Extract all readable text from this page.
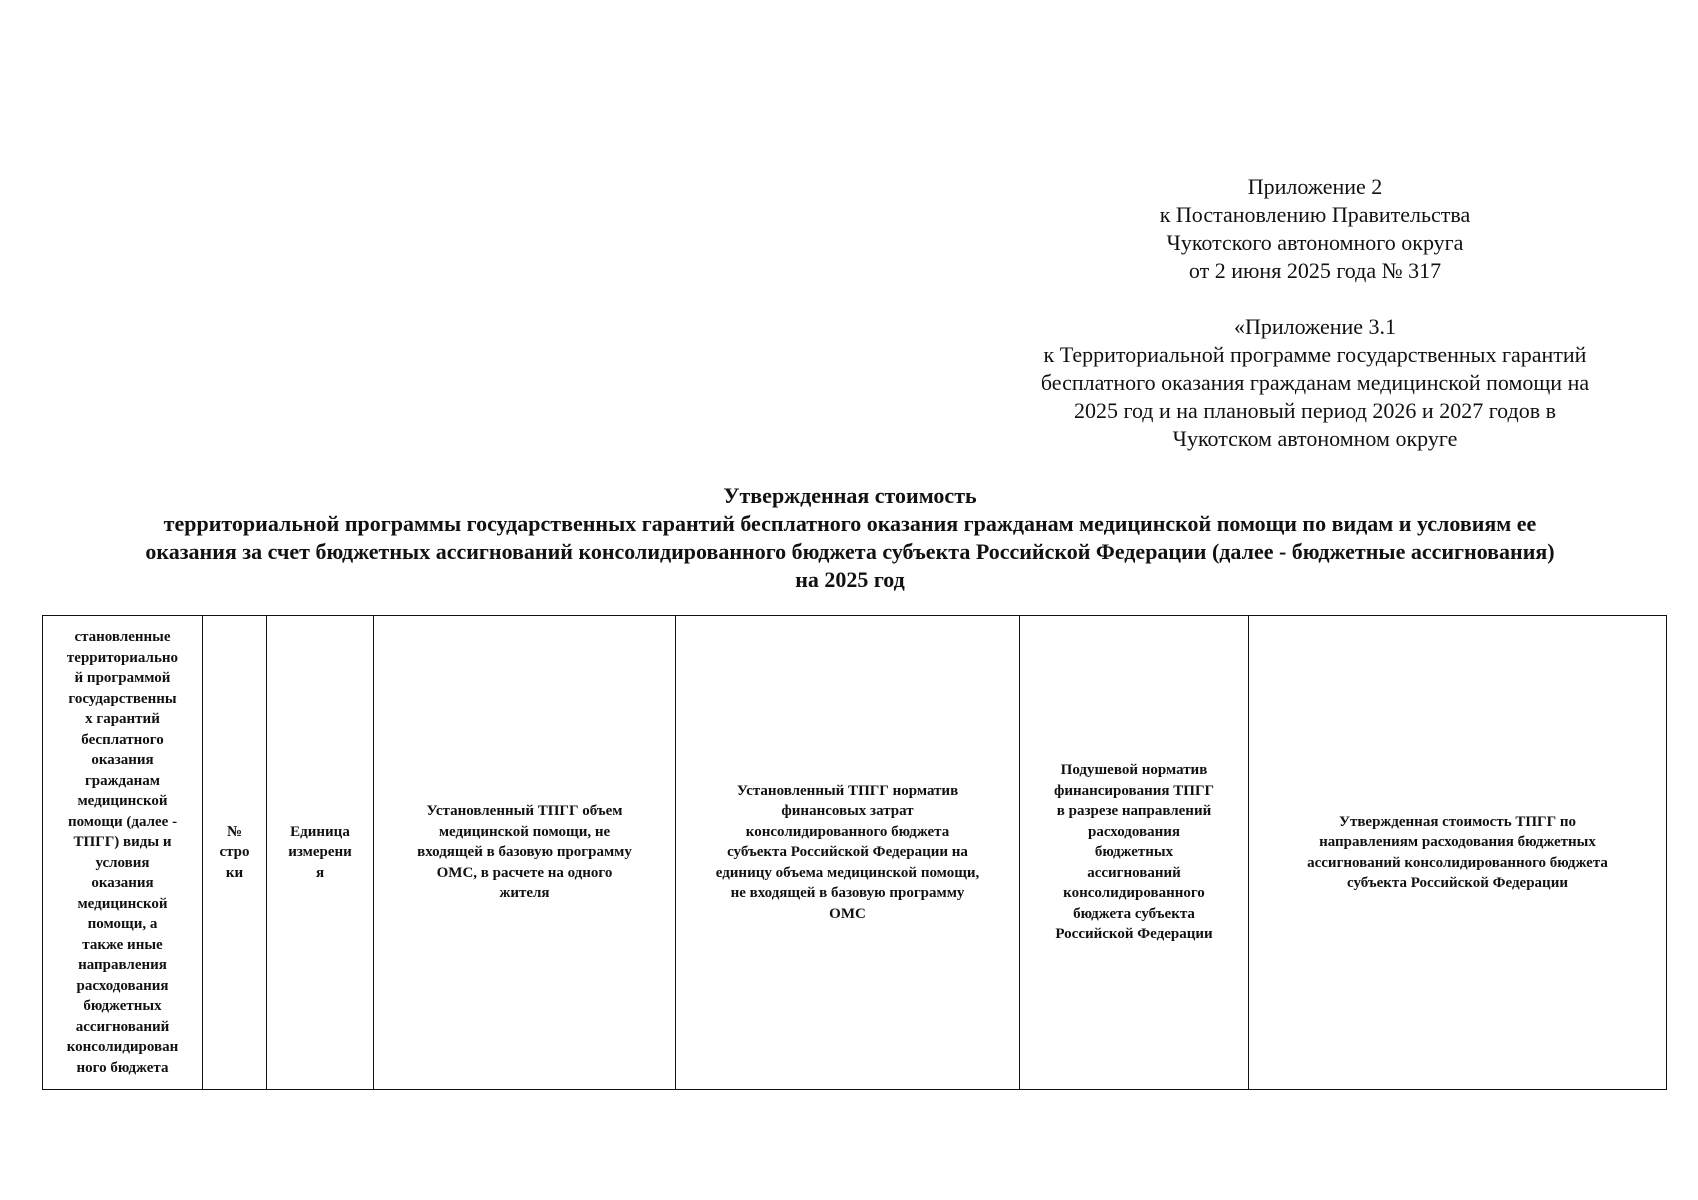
Приложение 2
к Постановлению Правительства
Чукотского автономного округа
от 2 июня 2025 года № 317
«Приложение 3.1
к Территориальной программе государственных гарантий
бесплатного оказания гражданам медицинской помощи на
2025 год и на плановый период 2026 и 2027 годов в
Чукотском автономном округе
Утвержденная стоимость
территориальной программы государственных гарантий бесплатного оказания гражданам медицинской помощи по видам и условиям ее
оказания за счет бюджетных ассигнований консолидированного бюджета субъекта Российской Федерации (далее - бюджетные ассигнования)
на 2025 год
становленные
территориально
й программой
государственны
х гарантий
бесплатного
оказания
гражданам
медицинской
помощи (далее -
ТПГГ) виды и
условия
оказания
медицинской
помощи, а
также иные
направления
расходования
бюджетных
ассигнований
консолидирован
ного бюджета

№
стро
ки

Единица
измерени
я

Установленный ТПГГ объем
медицинской помощи, не
входящей в базовую программу
ОМС, в расчете на одного
жителя

Установленный ТПГГ норматив
финансовых затрат
консолидированного бюджета
субъекта Российской Федерации на
единицу объема медицинской помощи,
не входящей в базовую программу
ОМС

Подушевой норматив
финансирования ТПГГ
в разрезе направлений
расходования
бюджетных
ассигнований
консолидированного
бюджета субъекта
Российской Федерации

Утвержденная стоимость ТПГГ по
направлениям расходования бюджетных
ассигнований консолидированного бюджета
субъекта Российской Федерации
